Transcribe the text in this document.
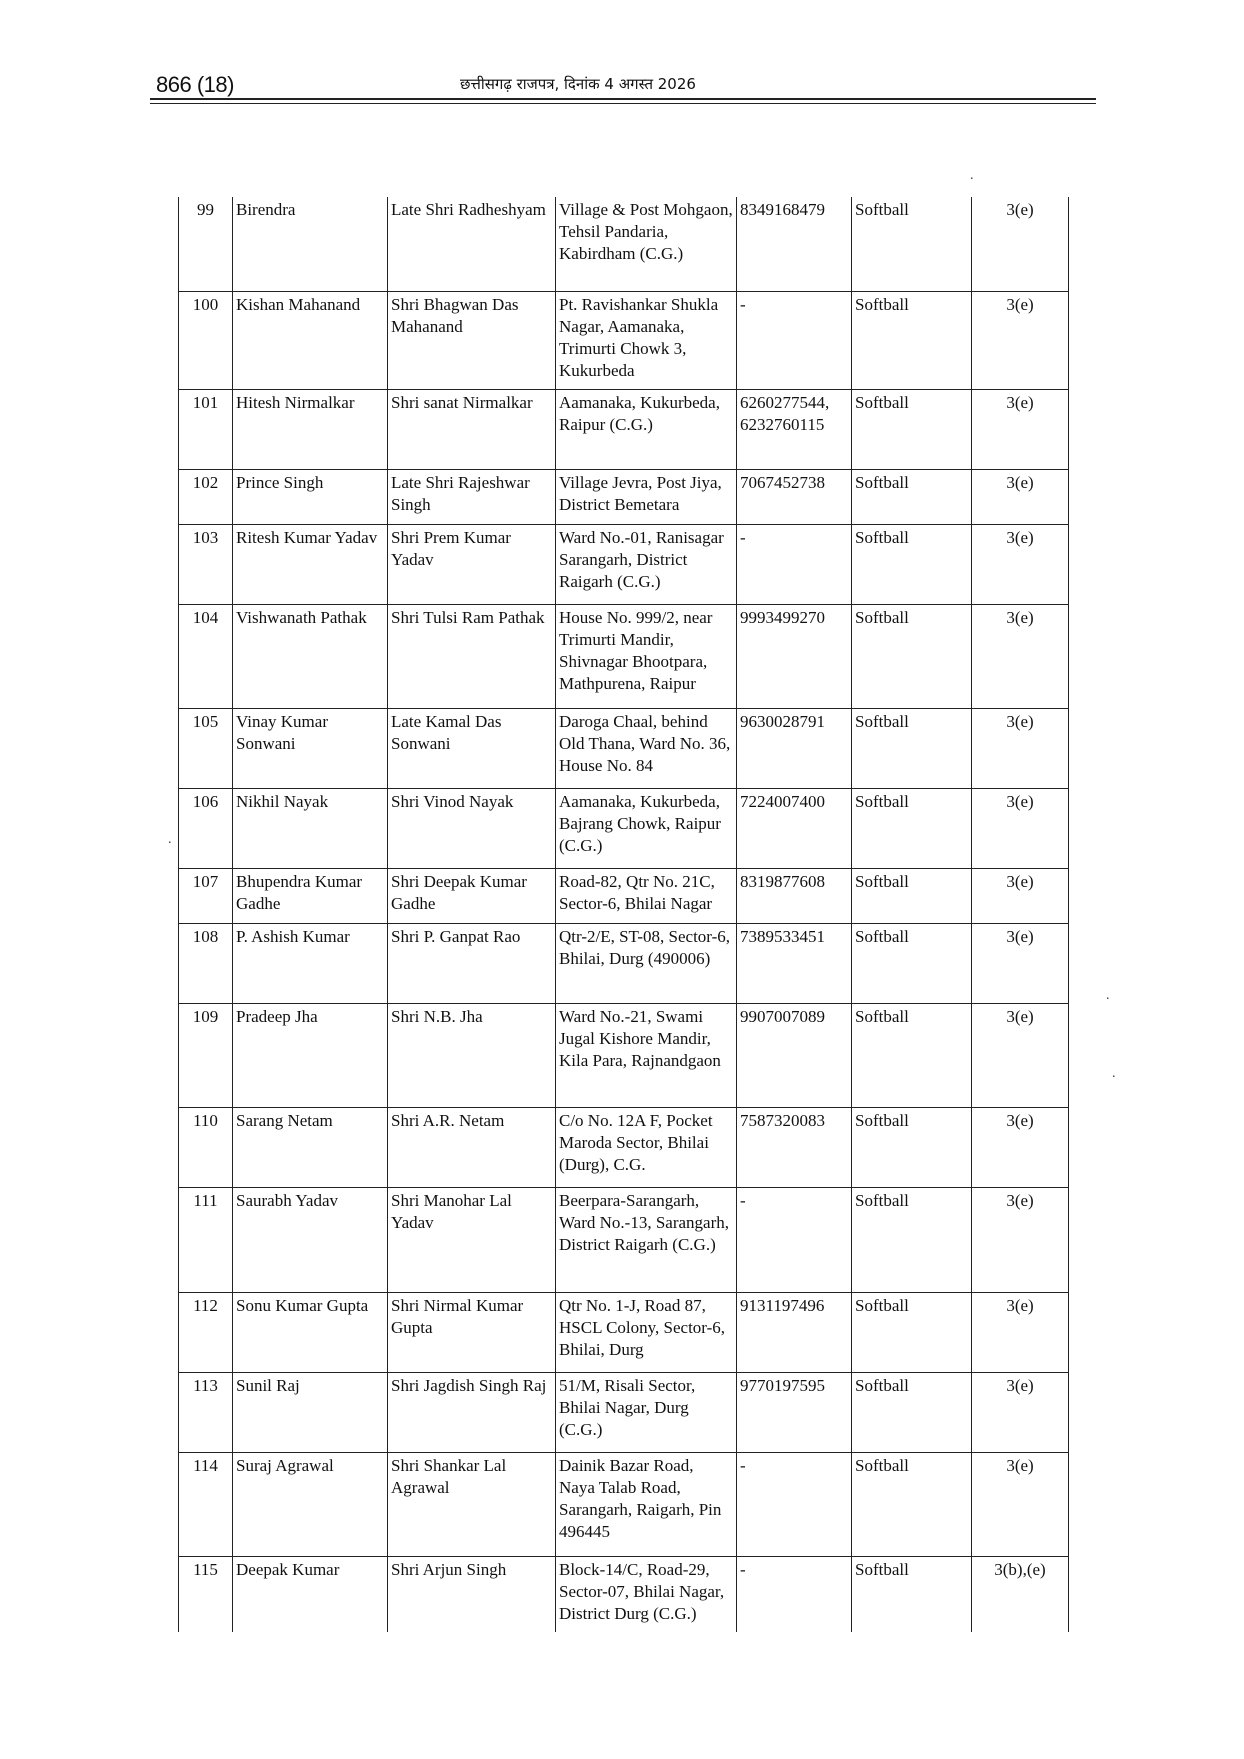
866 (18)	छत्तीसगढ़ राजपत्र, दिनांक 4 अगस्त 2026
.
.
.
.
99	Birendra	Late Shri Radheshyam	Village & Post Mohgaon, Tehsil Pandaria, Kabirdham (C.G.)	8349168479	Softball	3(e)
100	Kishan Mahanand	Shri Bhagwan Das Mahanand	Pt. Ravishankar Shukla Nagar, Aamanaka, Trimurti Chowk 3, Kukurbeda	-	Softball	3(e)
101	Hitesh Nirmalkar	Shri sanat Nirmalkar	Aamanaka, Kukurbeda, Raipur (C.G.)	6260277544, 6232760115	Softball	3(e)
102	Prince Singh	Late Shri Rajeshwar Singh	Village Jevra, Post Jiya, District Bemetara	7067452738	Softball	3(e)
103	Ritesh Kumar Yadav	Shri Prem Kumar Yadav	Ward No.-01, Ranisagar Sarangarh, District Raigarh (C.G.)	-	Softball	3(e)
104	Vishwanath Pathak	Shri Tulsi Ram Pathak	House No. 999/2, near Trimurti Mandir, Shivnagar Bhootpara, Mathpurena, Raipur	9993499270	Softball	3(e)
105	Vinay Kumar Sonwani	Late Kamal Das Sonwani	Daroga Chaal, behind Old Thana, Ward No. 36, House No. 84	9630028791	Softball	3(e)
106	Nikhil Nayak	Shri Vinod Nayak	Aamanaka, Kukurbeda, Bajrang Chowk, Raipur (C.G.)	7224007400	Softball	3(e)
107	Bhupendra Kumar Gadhe	Shri Deepak Kumar Gadhe	Road-82, Qtr No. 21C, Sector-6, Bhilai Nagar	8319877608	Softball	3(e)
108	P. Ashish Kumar	Shri P. Ganpat Rao	Qtr-2/E, ST-08, Sector-6, Bhilai, Durg (490006)	7389533451	Softball	3(e)
109	Pradeep Jha	Shri N.B. Jha	Ward No.-21, Swami Jugal Kishore Mandir, Kila Para, Rajnandgaon	9907007089	Softball	3(e)
110	Sarang Netam	Shri A.R. Netam	C/o No. 12A F, Pocket Maroda Sector, Bhilai (Durg), C.G.	7587320083	Softball	3(e)
111	Saurabh Yadav	Shri Manohar Lal Yadav	Beerpara-Sarangarh, Ward No.-13, Sarangarh, District Raigarh (C.G.)	-	Softball	3(e)
112	Sonu Kumar Gupta	Shri Nirmal Kumar Gupta	Qtr No. 1-J, Road 87, HSCL Colony, Sector-6, Bhilai, Durg	9131197496	Softball	3(e)
113	Sunil Raj	Shri Jagdish Singh Raj	51/M, Risali Sector, Bhilai Nagar, Durg (C.G.)	9770197595	Softball	3(e)
114	Suraj Agrawal	Shri Shankar Lal Agrawal	Dainik Bazar Road, Naya Talab Road, Sarangarh, Raigarh, Pin 496445	-	Softball	3(e)
115	Deepak Kumar	Shri Arjun Singh	Block-14/C, Road-29, Sector-07, Bhilai Nagar, District Durg (C.G.)	-	Softball	3(b),(e)
